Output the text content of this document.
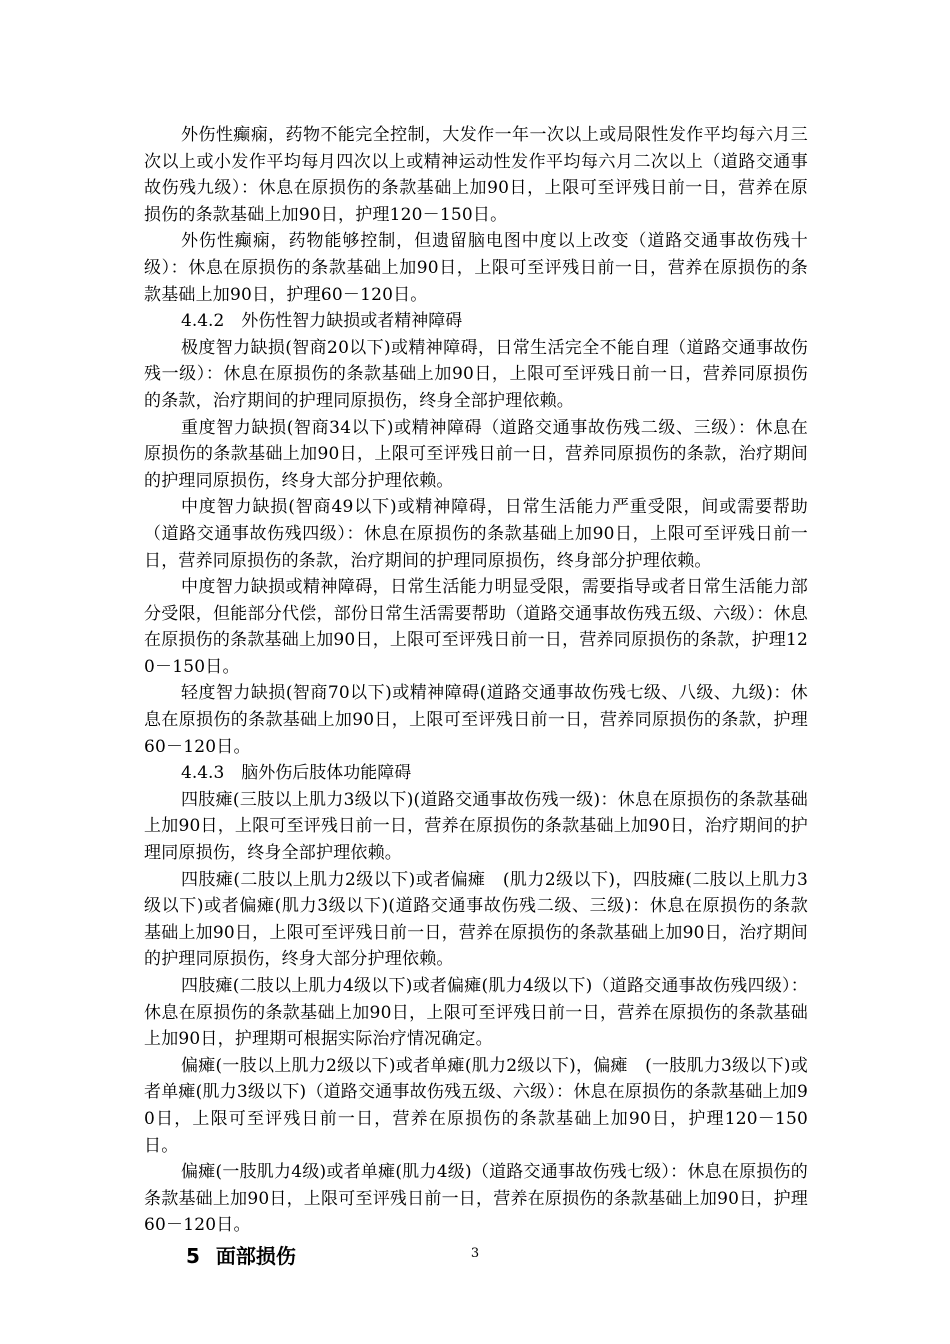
外伤性癫痫，药物不能完全控制，大发作一年一次以上或局限性发作平均每六月三次以上或小发作平均每月四次以上或精神运动性发作平均每六月二次以上（道路交通事故伤残九级）：休息在原损伤的条款基础上加90日，上限可至评残日前一日，营养在原损伤的条款基础上加90日，护理120－150日。

外伤性癫痫，药物能够控制，但遗留脑电图中度以上改变（道路交通事故伤残十级）：休息在原损伤的条款基础上加90日，上限可至评残日前一日，营养在原损伤的条款基础上加90日，护理60－120日。

4.4.2　外伤性智力缺损或者精神障碍

极度智力缺损(智商20以下)或精神障碍，日常生活完全不能自理（道路交通事故伤残一级）：休息在原损伤的条款基础上加90日，上限可至评残日前一日，营养同原损伤的条款，治疗期间的护理同原损伤，终身全部护理依赖。

重度智力缺损(智商34以下)或精神障碍（道路交通事故伤残二级、三级）：休息在原损伤的条款基础上加90日，上限可至评残日前一日，营养同原损伤的条款，治疗期间的护理同原损伤，终身大部分护理依赖。

中度智力缺损(智商49以下)或精神障碍，日常生活能力严重受限，间或需要帮助（道路交通事故伤残四级）：休息在原损伤的条款基础上加90日，上限可至评残日前一日，营养同原损伤的条款，治疗期间的护理同原损伤，终身部分护理依赖。

中度智力缺损或精神障碍，日常生活能力明显受限，需要指导或者日常生活能力部分受限，但能部分代偿，部份日常生活需要帮助（道路交通事故伤残五级、六级）：休息在原损伤的条款基础上加90日，上限可至评残日前一日，营养同原损伤的条款，护理120－150日。

轻度智力缺损(智商70以下)或精神障碍(道路交通事故伤残七级、八级、九级)：休息在原损伤的条款基础上加90日，上限可至评残日前一日，营养同原损伤的条款，护理60－120日。

4.4.3　脑外伤后肢体功能障碍

四肢瘫(三肢以上肌力3级以下)(道路交通事故伤残一级)：休息在原损伤的条款基础上加90日，上限可至评残日前一日，营养在原损伤的条款基础上加90日，治疗期间的护理同原损伤，终身全部护理依赖。

四肢瘫(二肢以上肌力2级以下)或者偏瘫　(肌力2级以下)，四肢瘫(二肢以上肌力3级以下)或者偏瘫(肌力3级以下)(道路交通事故伤残二级、三级)：休息在原损伤的条款基础上加90日，上限可至评残日前一日，营养在原损伤的条款基础上加90日，治疗期间的护理同原损伤，终身大部分护理依赖。

四肢瘫(二肢以上肌力4级以下)或者偏瘫(肌力4级以下)（道路交通事故伤残四级）：休息在原损伤的条款基础上加90日，上限可至评残日前一日，营养在原损伤的条款基础上加90日，护理期可根据实际治疗情况确定。

偏瘫(一肢以上肌力2级以下)或者单瘫(肌力2级以下)，偏瘫　(一肢肌力3级以下)或者单瘫(肌力3级以下)（道路交通事故伤残五级、六级）：休息在原损伤的条款基础上加90日，上限可至评残日前一日，营养在原损伤的条款基础上加90日，护理120－150日。

偏瘫(一肢肌力4级)或者单瘫(肌力4级)（道路交通事故伤残七级）：休息在原损伤的条款基础上加90日，上限可至评残日前一日，营养在原损伤的条款基础上加90日，护理60－120日。

5 面部损伤	3
